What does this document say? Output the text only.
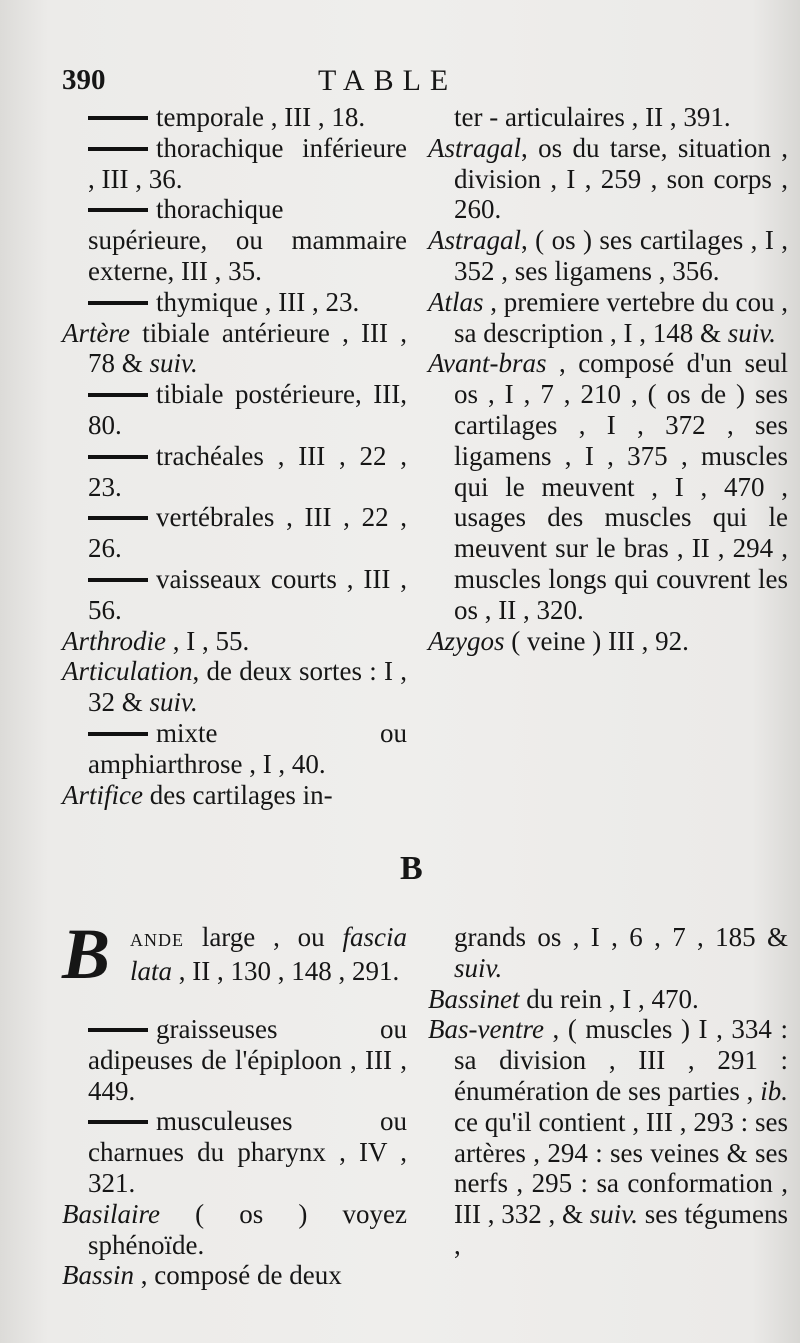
390	TABLE
temporale , III , 18.
thorachique inférieure , III , 36.
thorachique supérieure, ou mammaire externe, III , 35.
thymique , III , 23.
Artère tibiale antérieure , III , 78 & suiv.
tibiale postérieure, III, 80.
trachéales , III , 22 , 23.
vertébrales , III , 22 , 26.
vaisseaux courts , III , 56.
Arthrodie , I , 55.
Articulation, de deux sortes : I , 32 & suiv.
mixte ou amphiarthrose , I , 40.
Artifice des cartilages in-
ter - articulaires , II , 391.
Astragal, os du tarse, situation , division , I , 259 , son corps , 260.
Astragal, ( os ) ses cartilages , I , 352 , ses ligamens , 356.
Atlas , premiere vertebre du cou , sa description , I , 148 & suiv.
Avant-bras , composé d'un seul os , I , 7 , 210 , ( os de ) ses cartilages , I , 372 , ses ligamens , I , 375 , muscles qui le meuvent , I , 470 , usages des muscles qui le meuvent sur le bras , II , 294 , muscles longs qui couvrent les os , II , 320.
Azygos ( veine ) III , 92.
B
B ANDE large , ou fascia lata , II , 130 , 148 , 291.
graisseuses ou adipeuses de l'épiploon , III , 449.
musculeuses ou charnues du pharynx , IV , 321.
Basilaire ( os ) voyez sphénoïde.
Bassin , composé de deux
grands os , I , 6 , 7 , 185 & suiv.
Bassinet du rein , I , 470.
Bas-ventre , ( muscles ) I , 334 : sa division , III , 291 : énumération de ses parties , ib. ce qu'il contient , III , 293 : ses artères , 294 : ses veines & ses nerfs , 295 : sa conformation , III , 332 , & suiv. ses tégumens ,
